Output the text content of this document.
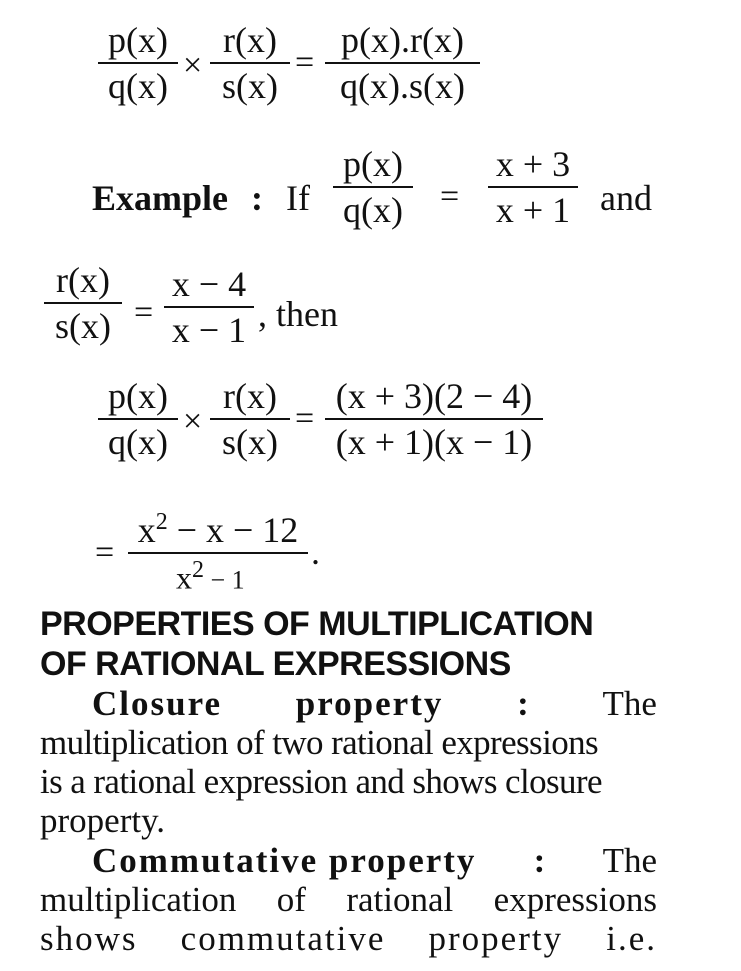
p(x)
q(x)
×
r(x)
s(x)
=
p(x).r(x)
q(x).s(x)
Example : If
p(x)
q(x) =
x + 3
x + 1 and
r(x)
s(x) =
x − 4
x − 1 , then
p(x)
q(x)
×
r(x)
s(x)
=
(x + 3)(2 − 4)
(x + 1)(x − 1)
=
$x^2 - x - 12$
$x^2 - 1$
.
PROPERTIES OF MULTIPLICATION
OF RATIONAL EXPRESSIONS
Closure property : The
multiplication of two rational expressions
is a rational expression and shows closure
property.
Commutative property : The
multiplication of rational expressions
shows commutative property i.e.
